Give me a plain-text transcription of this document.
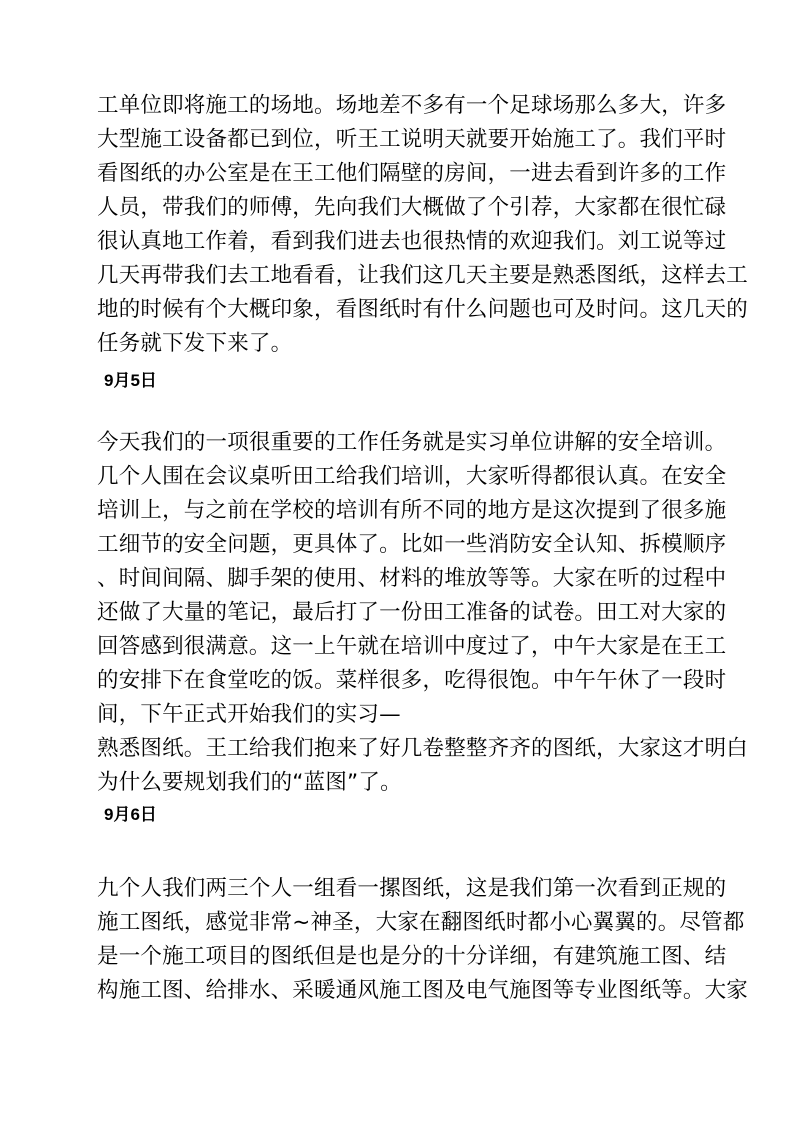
工单位即将施工的场地。场地差不多有一个足球场那么多大，许多
大型施工设备都已到位，听王工说明天就要开始施工了。我们平时
看图纸的办公室是在王工他们隔壁的房间，一进去看到许多的工作
人员，带我们的师傅，先向我们大概做了个引荐，大家都在很忙碌
很认真地工作着，看到我们进去也很热情的欢迎我们。刘工说等过
几天再带我们去工地看看，让我们这几天主要是熟悉图纸，这样去工
地的时候有个大概印象，看图纸时有什么问题也可及时问。这几天的
任务就下发下来了。
9月5日
今天我们的一项很重要的工作任务就是实习单位讲解的安全培训。
几个人围在会议桌听田工给我们培训，大家听得都很认真。在安全
培训上，与之前在学校的培训有所不同的地方是这次提到了很多施
工细节的安全问题，更具体了。比如一些消防安全认知、拆模顺序
、时间间隔、脚手架的使用、材料的堆放等等。大家在听的过程中
还做了大量的笔记，最后打了一份田工准备的试卷。田工对大家的
回答感到很满意。这一上午就在培训中度过了，中午大家是在王工
的安排下在食堂吃的饭。菜样很多，吃得很饱。中午午休了一段时
间，下午正式开始我们的实习—
熟悉图纸。王工给我们抱来了好几卷整整齐齐的图纸，大家这才明白
为什么要规划我们的“蓝图”了。
9月6日
九个人我们两三个人一组看一摞图纸，这是我们第一次看到正规的
施工图纸，感觉非常~神圣，大家在翻图纸时都小心翼翼的。尽管都
是一个施工项目的图纸但是也是分的十分详细，有建筑施工图、结
构施工图、给排水、采暖通风施工图及电气施图等专业图纸等。大家
